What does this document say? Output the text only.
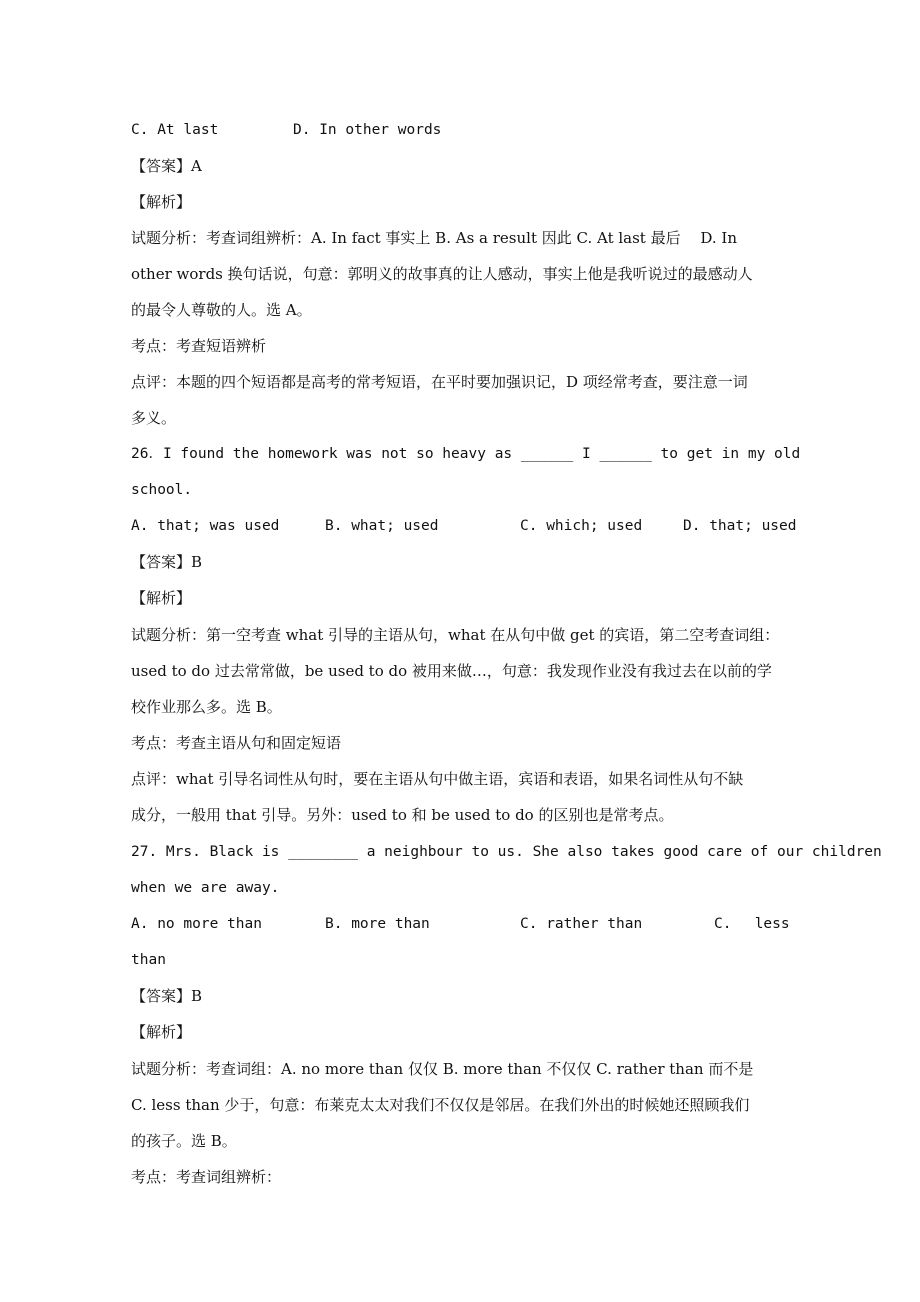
C. At last	D. In other words
【答案】A
【解析】
试题分析：考查词组辨析：A. In fact 事实上 B. As a result 因此 C. At last 最后　 D. In
other words 换句话说，句意：郭明义的故事真的让人感动，事实上他是我听说过的最感动人
的最令人尊敬的人。选 A。
考点：考查短语辨析
点评：本题的四个短语都是高考的常考短语，在平时要加强识记，D 项经常考查，要注意一词
多义。
26．I found the homework was not so heavy as ______ I ______ to get in my old
school.
A. that; was used	B. what; used	C. which; used	D. that; used
【答案】B
【解析】
试题分析：第一空考查 what 引导的主语从句，what 在从句中做 get 的宾语，第二空考查词组：
used to do 过去常常做，be used to do 被用来做…，句意：我发现作业没有我过去在以前的学
校作业那么多。选 B。
考点：考查主语从句和固定短语
点评：what 引导名词性从句时，要在主语从句中做主语，宾语和表语，如果名词性从句不缺
成分，一般用 that 引导。另外：used to 和 be used to do 的区别也是常考点。
27. Mrs. Black is ________ a neighbour to us. She also takes good care of our children
when we are away.
A. no more than	B. more than	C. rather than	C.　 less
than
【答案】B
【解析】
试题分析：考查词组：A. no more than 仅仅 B. more than 不仅仅 C. rather than 而不是
C. less than 少于，句意：布莱克太太对我们不仅仅是邻居。在我们外出的时候她还照顾我们
的孩子。选 B。
考点：考查词组辨析：
